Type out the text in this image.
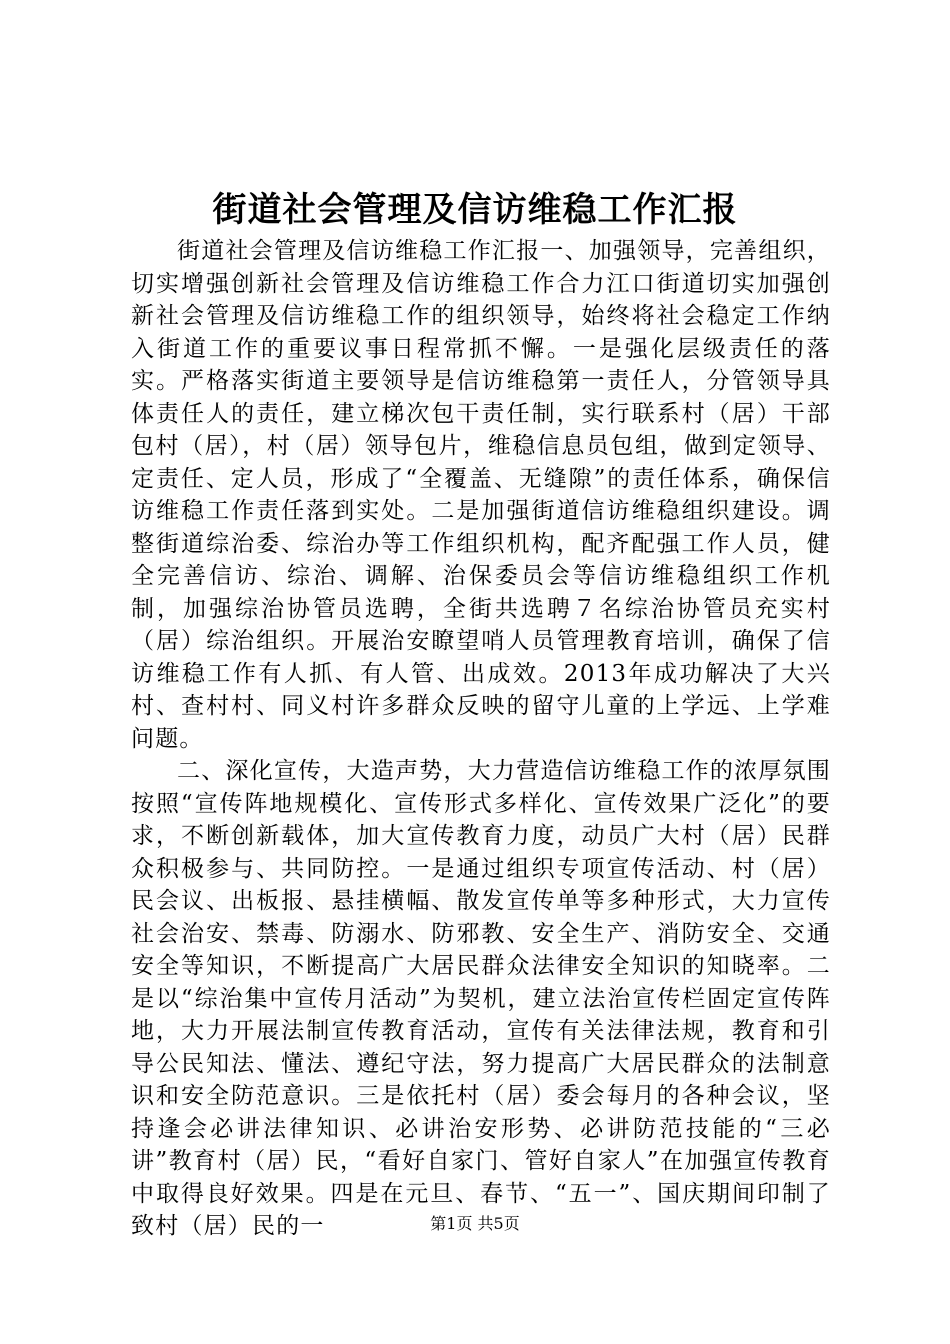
街道社会管理及信访维稳工作汇报

街道社会管理及信访维稳工作汇报一、加强领导，完善组织，切实增强创新社会管理及信访维稳工作合力江口街道切实加强创新社会管理及信访维稳工作的组织领导，始终将社会稳定工作纳入街道工作的重要议事日程常抓不懈。一是强化层级责任的落实。严格落实街道主要领导是信访维稳第一责任人，分管领导具体责任人的责任，建立梯次包干责任制，实行联系村（居）干部包村（居），村（居）领导包片，维稳信息员包组，做到定领导、定责任、定人员，形成了“全覆盖、无缝隙”的责任体系，确保信访维稳工作责任落到实处。二是加强街道信访维稳组织建设。调整街道综治委、综治办等工作组织机构，配齐配强工作人员，健全完善信访、综治、调解、治保委员会等信访维稳组织工作机制，加强综治协管员选聘，全街共选聘７名综治协管员充实村（居）综治组织。开展治安瞭望哨人员管理教育培训，确保了信访维稳工作有人抓、有人管、出成效。2013年成功解决了大兴村、查村村、同义村许多群众反映的留守儿童的上学远、上学难问题。

二、深化宣传，大造声势，大力营造信访维稳工作的浓厚氛围按照“宣传阵地规模化、宣传形式多样化、宣传效果广泛化”的要求，不断创新载体，加大宣传教育力度，动员广大村（居）民群众积极参与、共同防控。一是通过组织专项宣传活动、村（居）民会议、出板报、悬挂横幅、散发宣传单等多种形式，大力宣传社会治安、禁毒、防溺水、防邪教、安全生产、消防安全、交通安全等知识，不断提高广大居民群众法律安全知识的知晓率。二是以“综治集中宣传月活动”为契机，建立法治宣传栏固定宣传阵地，大力开展法制宣传教育活动，宣传有关法律法规，教育和引导公民知法、懂法、遵纪守法，努力提高广大居民群众的法制意识和安全防范意识。三是依托村（居）委会每月的各种会议，坚持逢会必讲法律知识、必讲治安形势、必讲防范技能的“三必讲”教育村（居）民，“看好自家门、管好自家人”在加强宣传教育中取得良好效果。四是在元旦、春节、“五一”、国庆期间印制了致村（居）民的一	第1页 共5页
